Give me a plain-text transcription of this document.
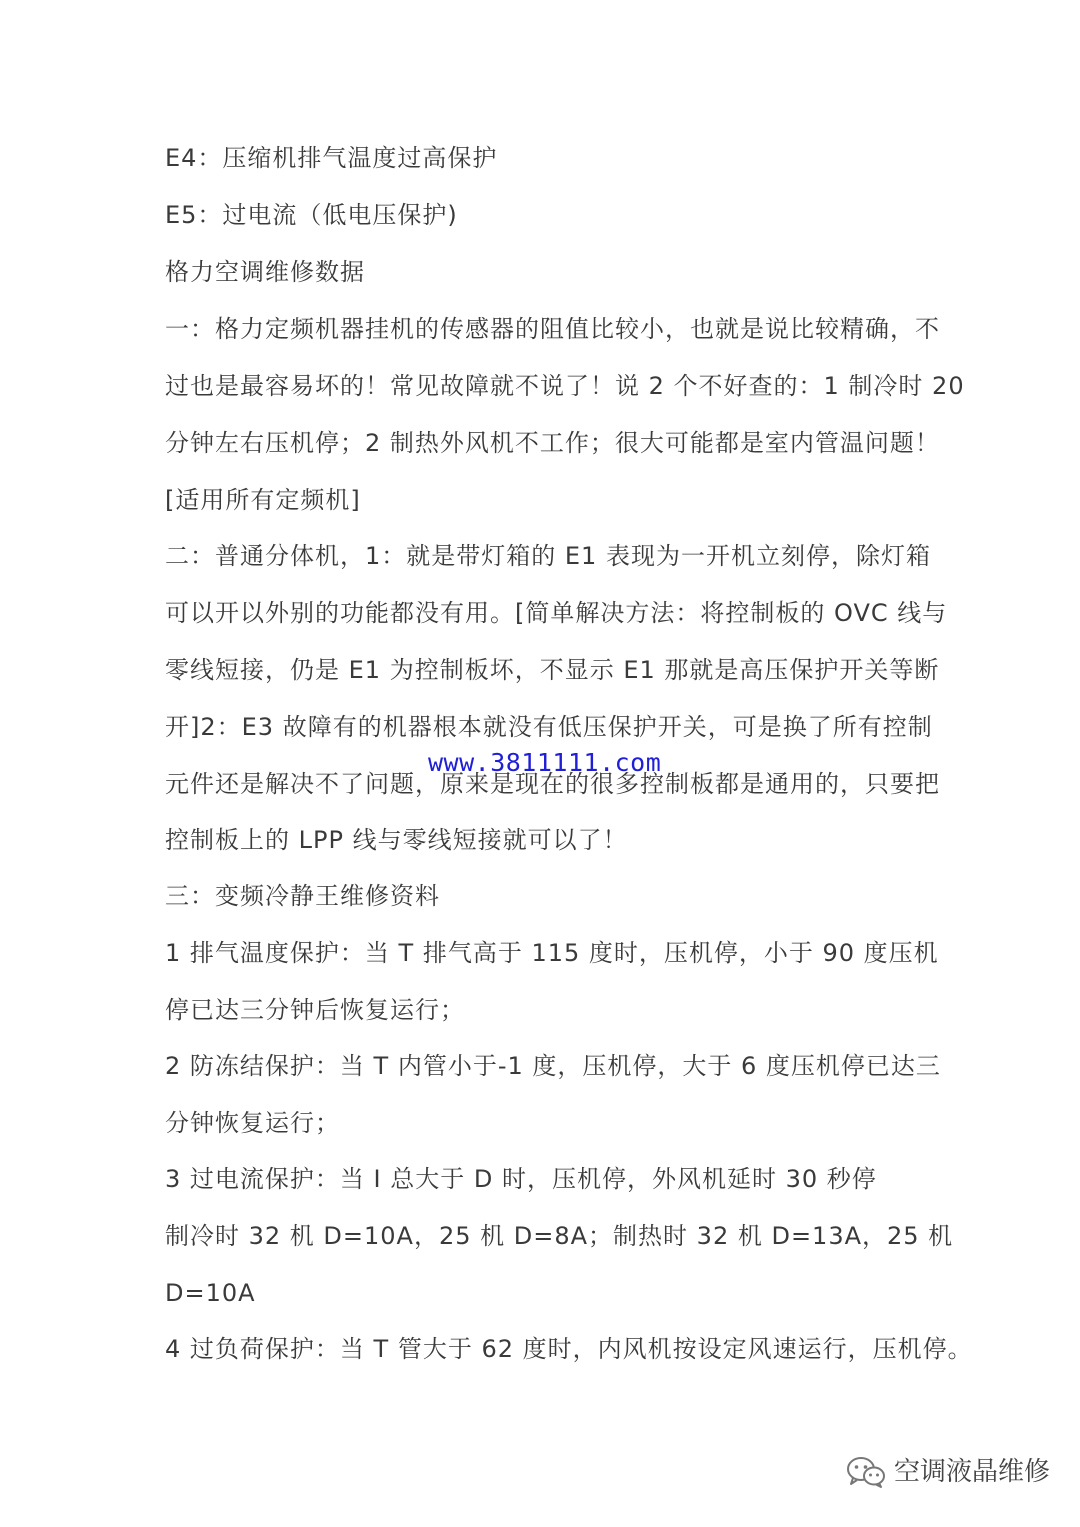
E4：压缩机排气温度过高保护
E5：过电流（低电压保护)
格力空调维修数据
一：格力定频机器挂机的传感器的阻值比较小，也就是说比较精确，不
过也是最容易坏的！常见故障就不说了！说 2 个不好查的：1 制冷时 20
分钟左右压机停；2 制热外风机不工作；很大可能都是室内管温问题！
[适用所有定频机]
二：普通分体机，1：就是带灯箱的 E1 表现为一开机立刻停，除灯箱
可以开以外别的功能都没有用。[简单解决方法：将控制板的 OVC 线与
零线短接，仍是 E1 为控制板坏，不显示 E1 那就是高压保护开关等断
开]2：E3 故障有的机器根本就没有低压保护开关，可是换了所有控制
元件还是解决不了问题，原来是现在的很多控制板都是通用的，只要把
控制板上的 LPP 线与零线短接就可以了！
三：变频冷静王维修资料
1 排气温度保护：当 T 排气高于 115 度时，压机停，小于 90 度压机
停已达三分钟后恢复运行；
2 防冻结保护：当 T 内管小于-1 度，压机停，大于 6 度压机停已达三
分钟恢复运行；
3 过电流保护：当 I 总大于 D 时，压机停，外风机延时 30 秒停
制冷时 32 机 D=10A，25 机 D=8A；制热时 32 机 D=13A，25 机
D=10A
4 过负荷保护：当 T 管大于 62 度时，内风机按设定风速运行，压机停。
www.3811111.com
空调液晶维修
